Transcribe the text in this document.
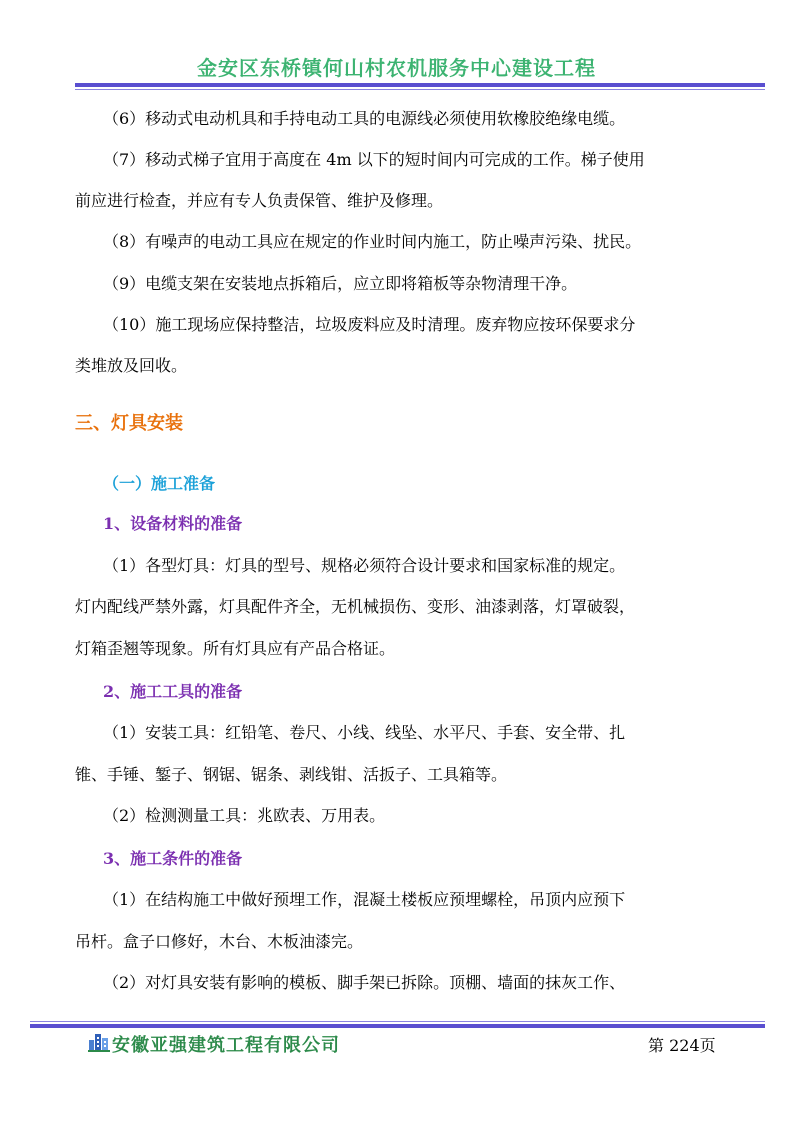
金安区东桥镇何山村农机服务中心建设工程
（6）移动式电动机具和手持电动工具的电源线必须使用软橡胶绝缘电缆。
（7）移动式梯子宜用于高度在 4m 以下的短时间内可完成的工作。梯子使用
前应进行检查，并应有专人负责保管、维护及修理。
（8）有噪声的电动工具应在规定的作业时间内施工，防止噪声污染、扰民。
（9）电缆支架在安装地点拆箱后，应立即将箱板等杂物清理干净。
（10）施工现场应保持整洁，垃圾废料应及时清理。废弃物应按环保要求分
类堆放及回收。
三、灯具安装
（一）施工准备
1、设备材料的准备
（1）各型灯具：灯具的型号、规格必须符合设计要求和国家标准的规定。
灯内配线严禁外露，灯具配件齐全，无机械损伤、变形、油漆剥落，灯罩破裂，
灯箱歪翘等现象。所有灯具应有产品合格证。
2、施工工具的准备
（1）安装工具：红铅笔、卷尺、小线、线坠、水平尺、手套、安全带、扎
锥、手锤、錾子、钢锯、锯条、剥线钳、活扳子、工具箱等。
（2）检测测量工具：兆欧表、万用表。
3、施工条件的准备
（1）在结构施工中做好预埋工作，混凝土楼板应预埋螺栓，吊顶内应预下
吊杆。盒子口修好，木台、木板油漆完。
（2）对灯具安装有影响的模板、脚手架已拆除。顶棚、墙面的抹灰工作、
安徽亚强建筑工程有限公司	第 224页
